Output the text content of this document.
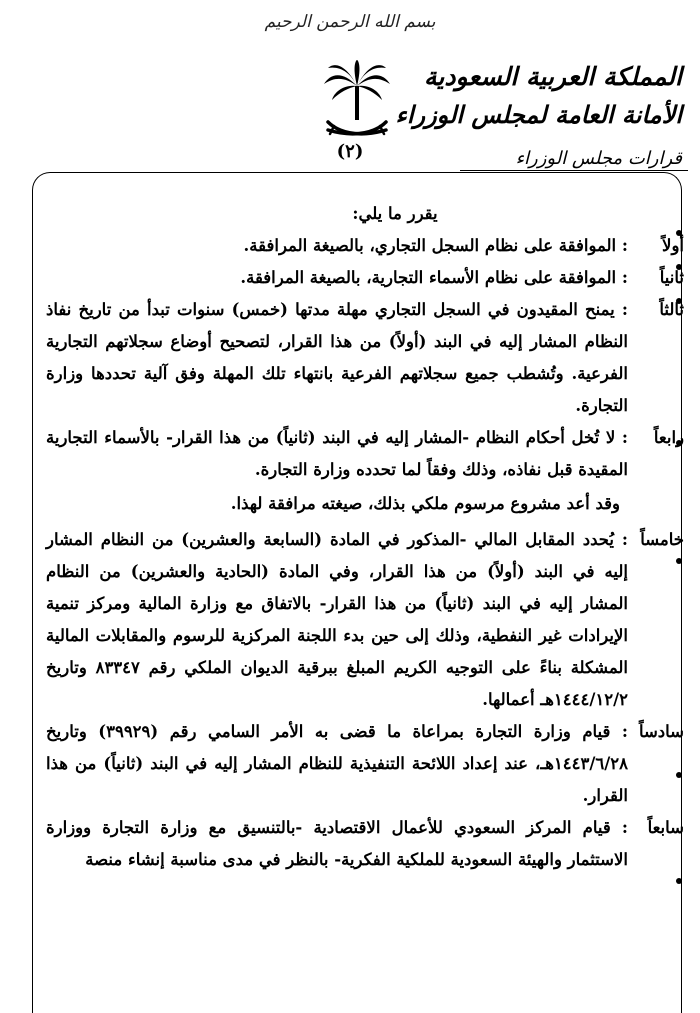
بسم الله الرحمن الرحيم
المملكة العربية السعودية
الأمانة العامة لمجلس الوزراء
قرارات مجلس الوزراء
(٢)
يقرر ما يلي:
أولاً
: الموافقة على نظام السجل التجاري، بالصيغة المرافقة.
ثانياً
: الموافقة على نظام الأسماء التجارية، بالصيغة المرافقة.
ثالثاً
: يمنح المقيدون في السجل التجاري مهلة مدتها (خمس) سنوات تبدأ من تاريخ نفاذ النظام المشار إليه في البند (أولاً) من هذا القرار، لتصحيح أوضاع سجلاتهم التجارية الفرعية. وتُشطب جميع سجلاتهم الفرعية بانتهاء تلك المهلة وفق آلية تحددها وزارة التجارة.
رابعاً
: لا تُخل أحكام النظام -المشار إليه في البند (ثانياً) من هذا القرار- بالأسماء التجارية المقيدة قبل نفاذه، وذلك وفقاً لما تحدده وزارة التجارة.
وقد أعد مشروع مرسوم ملكي بذلك، صيغته مرافقة لهذا.
خامساً
: يُحدد المقابل المالي -المذكور في المادة (السابعة والعشرين) من النظام المشار إليه في البند (أولاً) من هذا القرار، وفي المادة (الحادية والعشرين) من النظام المشار إليه في البند (ثانياً) من هذا القرار- بالاتفاق مع وزارة المالية ومركز تنمية الإيرادات غير النفطية، وذلك إلى حين بدء اللجنة المركزية للرسوم والمقابلات المالية المشكلة بناءً على التوجيه الكريم المبلغ ببرقية الديوان الملكي رقم ٨٣٣٤٧ وتاريخ ١٤٤٤/١٢/٢هـ أعمالها.
سادساً
: قيام وزارة التجارة بمراعاة ما قضى به الأمر السامي رقم (٣٩٩٢٩) وتاريخ ١٤٤٣/٦/٢٨هـ، عند إعداد اللائحة التنفيذية للنظام المشار إليه في البند (ثانياً) من هذا القرار.
سابعاً
: قيام المركز السعودي للأعمال الاقتصادية -بالتنسيق مع وزارة التجارة ووزارة الاستثمار والهيئة السعودية للملكية الفكرية- بالنظر في مدى مناسبة إنشاء منصة
